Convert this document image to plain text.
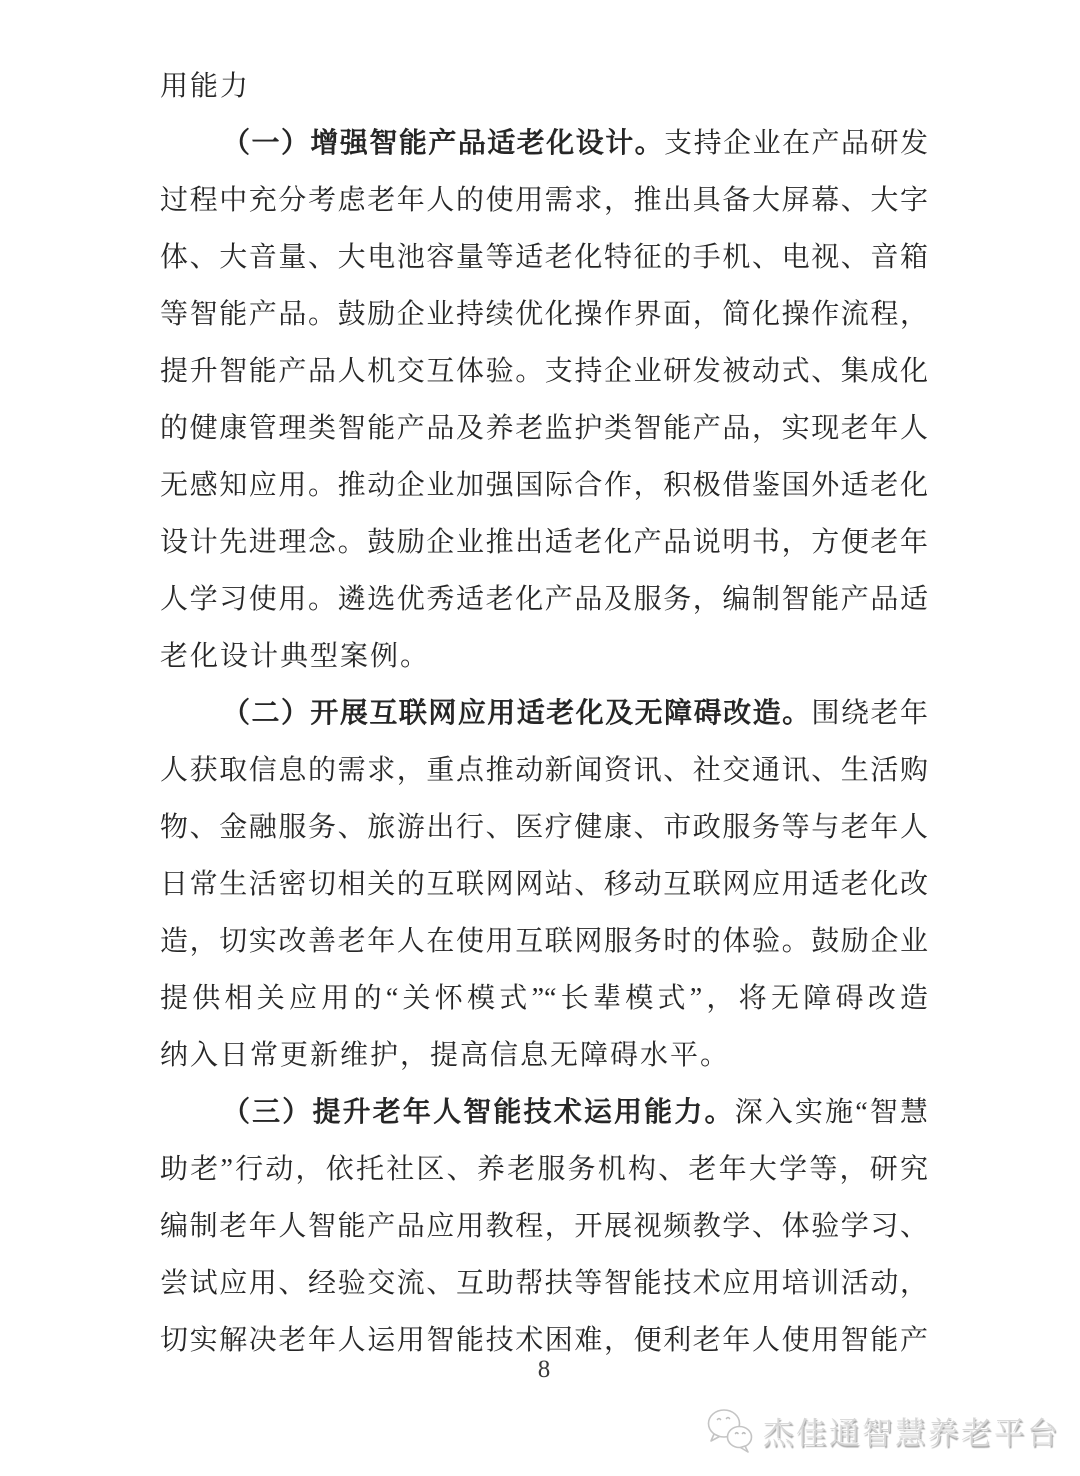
用能力
（一）增强智能产品适老化设计。支持企业在产品研发
过程中充分考虑老年人的使用需求，推出具备大屏幕、大字
体、大音量、大电池容量等适老化特征的手机、电视、音箱
等智能产品。鼓励企业持续优化操作界面，简化操作流程，
提升智能产品人机交互体验。支持企业研发被动式、集成化
的健康管理类智能产品及养老监护类智能产品，实现老年人
无感知应用。推动企业加强国际合作，积极借鉴国外适老化
设计先进理念。鼓励企业推出适老化产品说明书，方便老年
人学习使用。遴选优秀适老化产品及服务，编制智能产品适
老化设计典型案例。
（二）开展互联网应用适老化及无障碍改造。围绕老年
人获取信息的需求，重点推动新闻资讯、社交通讯、生活购
物、金融服务、旅游出行、医疗健康、市政服务等与老年人
日常生活密切相关的互联网网站、移动互联网应用适老化改
造，切实改善老年人在使用互联网服务时的体验。鼓励企业
提供相关应用的“关怀模式”“长辈模式”，将无障碍改造
纳入日常更新维护，提高信息无障碍水平。
（三）提升老年人智能技术运用能力。深入实施“智慧
助老”行动，依托社区、养老服务机构、老年大学等，研究
编制老年人智能产品应用教程，开展视频教学、体验学习、
尝试应用、经验交流、互助帮扶等智能技术应用培训活动，
切实解决老年人运用智能技术困难，便利老年人使用智能产
8
杰佳通智慧养老平台
